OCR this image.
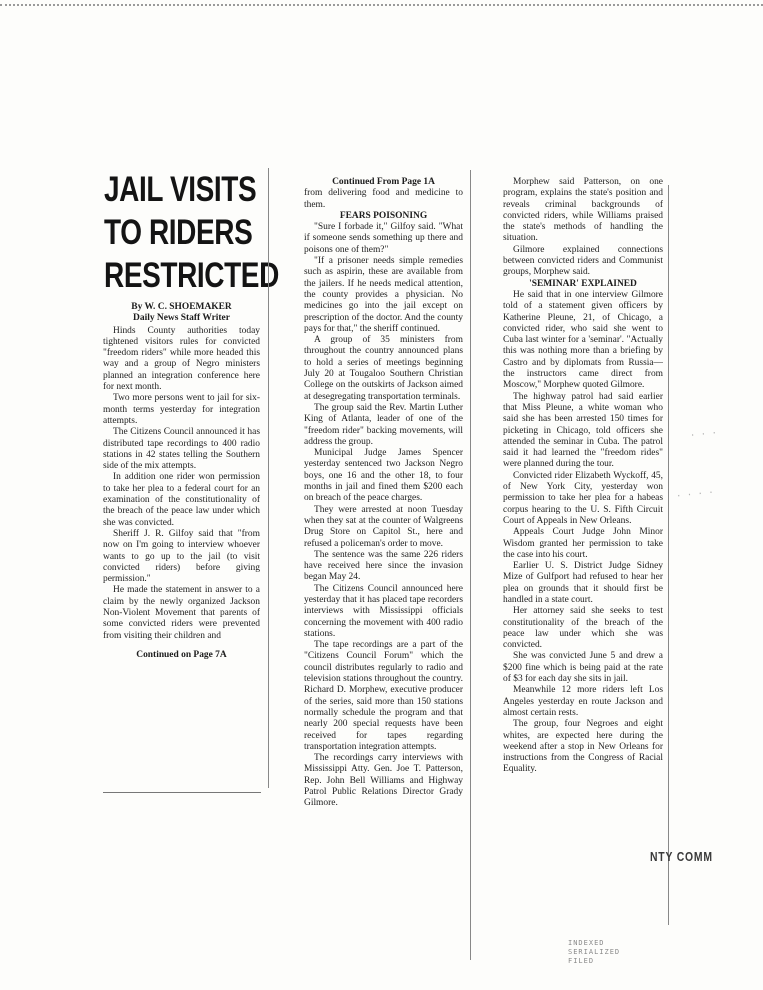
JAIL VISITS
TO RIDERS
RESTRICTED

By W. C. SHOEMAKER

Daily News Staff Writer

Hinds County authorities today tightened visitors rules for convicted "freedom riders" while more headed this way and a group of Negro ministers planned an integration conference here for next month.

Two more persons went to jail for six-month terms yesterday for integration attempts.

The Citizens Council announced it has distributed tape recordings to 400 radio stations in 42 states telling the Southern side of the mix attempts.

In addition one rider won permission to take her plea to a federal court for an examination of the constitutionality of the breach of the peace law under which she was convicted.

Sheriff J. R. Gilfoy said that "from now on I'm going to interview whoever wants to go up to the jail (to visit convicted riders) before giving permission."

He made the statement in answer to a claim by the newly organized Jackson Non-Violent Movement that parents of some convicted riders were prevented from visiting their children and

Continued on Page 7A

Continued From Page 1A

from delivering food and medicine to them.

FEARS POISONING

"Sure I forbade it," Gilfoy said. "What if someone sends something up there and poisons one of them?"

"If a prisoner needs simple remedies such as aspirin, these are available from the jailers. If he needs medical attention, the county provides a physician. No medicines go into the jail except on prescription of the doctor. And the county pays for that," the sheriff continued.

A group of 35 ministers from throughout the country announced plans to hold a series of meetings beginning July 20 at Tougaloo Southern Christian College on the outskirts of Jackson aimed at desegregating transportation terminals.

The group said the Rev. Martin Luther King of Atlanta, leader of one of the "freedom rider" backing movements, will address the group.

Municipal Judge James Spencer yesterday sentenced two Jackson Negro boys, one 16 and the other 18, to four months in jail and fined them $200 each on breach of the peace charges.

They were arrested at noon Tuesday when they sat at the counter of Walgreens Drug Store on Capitol St., here and refused a policeman's order to move.

The sentence was the same 226 riders have received here since the invasion began May 24.

The Citizens Council announced here yesterday that it has placed tape recorders interviews with Mississippi officials concerning the movement with 400 radio stations.

The tape recordings are a part of the "Citizens Council Forum" which the council distributes regularly to radio and television stations throughout the country. Richard D. Morphew, executive producer of the series, said more than 150 stations normally schedule the program and that nearly 200 special requests have been received for tapes regarding transportation integration attempts.

The recordings carry interviews with Mississippi Atty. Gen. Joe T. Patterson, Rep. John Bell Williams and Highway Patrol Public Relations Director Grady Gilmore.

Morphew said Patterson, on one program, explains the state's position and reveals criminal backgrounds of convicted riders, while Williams praised the state's methods of handling the situation.

Gilmore explained connections between convicted riders and Communist groups, Morphew said.

'SEMINAR' EXPLAINED

He said that in one interview Gilmore told of a statement given officers by Katherine Pleune, 21, of Chicago, a convicted rider, who said she went to Cuba last winter for a 'seminar'. "Actually this was nothing more than a briefing by Castro and by diplomats from Russia—the instructors came direct from Moscow," Morphew quoted Gilmore.

The highway patrol had said earlier that Miss Pleune, a white woman who said she has been arrested 150 times for picketing in Chicago, told officers she attended the seminar in Cuba. The patrol said it had learned the "freedom rides" were planned during the tour.

Convicted rider Elizabeth Wyckoff, 45, of New York City, yesterday won permission to take her plea for a habeas corpus hearing to the U. S. Fifth Circuit Court of Appeals in New Orleans.

Appeals Court Judge John Minor Wisdom granted her permission to take the case into his court.

Earlier U. S. District Judge Sidney Mize of Gulfport had refused to hear her plea on grounds that it should first be handled in a state court.

Her attorney said she seeks to test constitutionality of the breach of the peace law under which she was convicted.

She was convicted June 5 and drew a $200 fine which is being paid at the rate of $3 for each day she sits in jail.

Meanwhile 12 more riders left Los Angeles yesterday en route Jackson and almost certain rests.

The group, four Negroes and eight whites, are expected here during the weekend after a stop in New Orleans for instructions from the Congress of Racial Equality.

· · ·
· · · ·
NTY COMM
INDEXED
SERIALIZED
FILED
